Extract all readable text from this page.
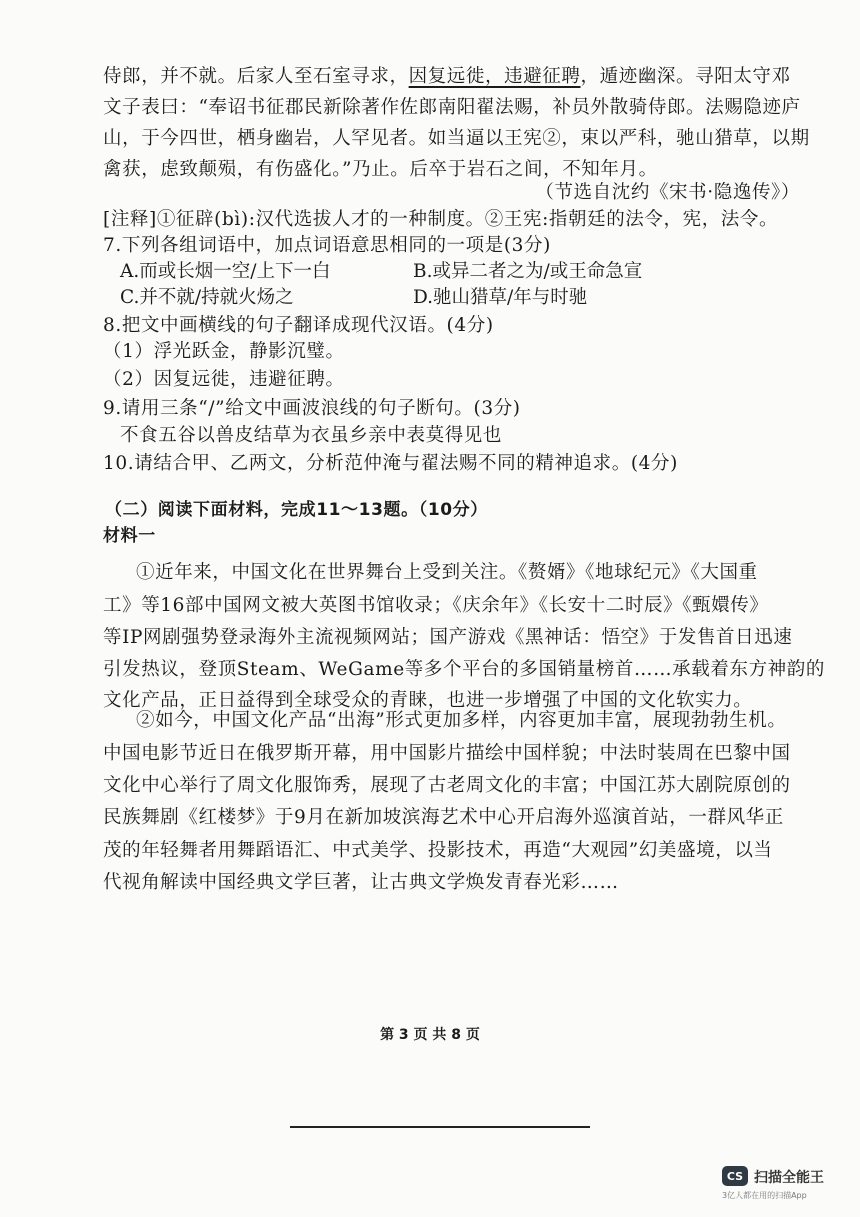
侍郎，并不就。后家人至石室寻求，因复远徙，违避征聘，遁迹幽深。寻阳太守邓
文子表曰：“奉诏书征郡民新除著作佐郎南阳翟法赐，补员外散骑侍郎。法赐隐迹庐
山，于今四世，栖身幽岩，人罕见者。如当逼以王宪②，束以严科，驰山猎草，以期
禽获，虑致颠殒，有伤盛化。”乃止。后卒于岩石之间，不知年月。
（节选自沈约《宋书·隐逸传》）
[注释]①征辟(bì):汉代选拔人才的一种制度。②王宪:指朝廷的法令，宪，法令。
7.下列各组词语中，加点词语意思相同的一项是(3分)
A.而或长烟一空/上下一白	B.或异二者之为/或王命急宣
C.并不就/持就火炀之	D.驰山猎草/年与时驰
8.把文中画横线的句子翻译成现代汉语。(4分)
（1）浮光跃金，静影沉璧。
（2）因复远徙，违避征聘。
9.请用三条“/”给文中画波浪线的句子断句。(3分)
不食五谷以兽皮结草为衣虽乡亲中表莫得见也
10.请结合甲、乙两文，分析范仲淹与翟法赐不同的精神追求。(4分)
（二）阅读下面材料，完成11～13题。（10分）
材料一
①近年来，中国文化在世界舞台上受到关注。《赘婿》《地球纪元》《大国重
工》等16部中国网文被大英图书馆收录；《庆余年》《长安十二时辰》《甄嬛传》
等IP网剧强势登录海外主流视频网站；国产游戏《黑神话：悟空》于发售首日迅速
引发热议，登顶Steam、WeGame等多个平台的多国销量榜首……承载着东方神韵的
文化产品，正日益得到全球受众的青睐，也进一步增强了中国的文化软实力。
②如今，中国文化产品“出海”形式更加多样，内容更加丰富，展现勃勃生机。
中国电影节近日在俄罗斯开幕，用中国影片描绘中国样貌；中法时装周在巴黎中国
文化中心举行了周文化服饰秀，展现了古老周文化的丰富；中国江苏大剧院原创的
民族舞剧《红楼梦》于9月在新加坡滨海艺术中心开启海外巡演首站，一群风华正
茂的年轻舞者用舞蹈语汇、中式美学、投影技术，再造“大观园”幻美盛境，以当
代视角解读中国经典文学巨著，让古典文学焕发青春光彩……
第 3 页 共 8 页
CS 扫描全能王
3亿人都在用的扫描App
